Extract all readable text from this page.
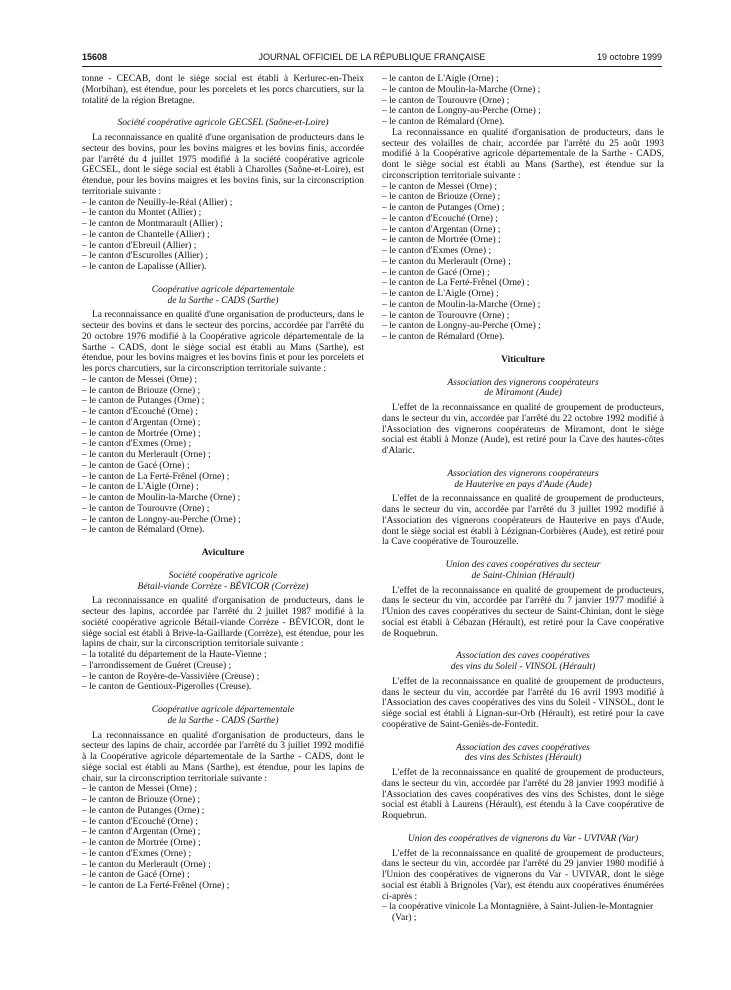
15608	JOURNAL OFFICIEL DE LA RÉPUBLIQUE FRANÇAISE	19 octobre 1999

tonne - CECAB, dont le siège social est établi à Kerlurec-en-Theix (Morbihan), est étendue, pour les porcelets et les porcs charcutiers, sur la totalité de la région Bretagne.

Société coopérative agricole GECSEL (Saône-et-Loire)

La reconnaissance en qualité d'une organisation de producteurs dans le secteur des bovins, pour les bovins maigres et les bovins finis, accordée par l'arrêté du 4 juillet 1975 modifié à la société coopérative agricole GECSEL, dont le siège social est établi à Charolles (Saône-et-Loire), est étendue, pour les bovins maigres et les bovins finis, sur la circonscription territoriale suivante :

– le canton de Neuilly-le-Réal (Allier) ;

– le canton du Montet (Allier) ;

– le canton de Montmarault (Allier) ;

– le canton de Chantelle (Allier) ;

– le canton d'Ebreuil (Allier) ;

– le canton d'Escurolles (Allier) ;

– le canton de Lapalisse (Allier).

Coopérative agricole départementale

de la Sarthe - CADS (Sarthe)

La reconnaissance en qualité d'une organisation de producteurs, dans le secteur des bovins et dans le secteur des porcins, accordée par l'arrêté du 20 octobre 1976 modifié à la Coopérative agricole départementale de la Sarthe - CADS, dont le siège social est établi au Mans (Sarthe), est étendue, pour les bovins maigres et les bovins finis et pour les porcelets et les porcs charcutiers, sur la circonscription territoriale suivante :

– le canton de Messei (Orne) ;

– le canton de Briouze (Orne) ;

– le canton de Putanges (Orne) ;

– le canton d'Ecouché (Orne) ;

– le canton d'Argentan (Orne) ;

– le canton de Mortrée (Orne) ;

– le canton d'Exmes (Orne) ;

– le canton du Merlerault (Orne) ;

– le canton de Gacé (Orne) ;

– le canton de La Ferté-Frênel (Orne) ;

– le canton de L'Aigle (Orne) ;

– le canton de Moulin-la-Marche (Orne) ;

– le canton de Tourouvre (Orne) ;

– le canton de Longny-au-Perche (Orne) ;

– le canton de Rémalard (Orne).

Aviculture

Société coopérative agricole

Bétail-viande Corrèze - BÉVICOR (Corrèze)

La reconnaissance en qualité d'organisation de producteurs, dans le secteur des lapins, accordée par l'arrêté du 2 juillet 1987 modifié à la société coopérative agricole Bétail-viande Corrèze - BÉVICOR, dont le siège social est établi à Brive-la-Gaillarde (Corrèze), est étendue, pour les lapins de chair, sur la circonscription territoriale suivante :

– la totalité du département de la Haute-Vienne ;

– l'arrondissement de Guéret (Creuse) ;

– le canton de Royère-de-Vassivière (Creuse) ;

– le canton de Gentioux-Pigerolles (Creuse).

Coopérative agricole départementale

de la Sarthe - CADS (Sarthe)

La reconnaissance en qualité d'organisation de producteurs, dans le secteur des lapins de chair, accordée par l'arrêté du 3 juillet 1992 modifié à la Coopérative agricole départementale de la Sarthe - CADS, dont le siège social est établi au Mans (Sarthe), est étendue, pour les lapins de chair, sur la circonscription territoriale suivante :

– le canton de Messei (Orne) ;

– le canton de Briouze (Orne) ;

– le canton de Putanges (Orne) ;

– le canton d'Ecouché (Orne) ;

– le canton d'Argentan (Orne) ;

– le canton de Mortrée (Orne) ;

– le canton d'Exmes (Orne) ;

– le canton du Merlerault (Orne) ;

– le canton de Gacé (Orne) ;

– le canton de La Ferté-Frênel (Orne) ;

– le canton de L'Aigle (Orne) ;

– le canton de Moulin-la-Marche (Orne) ;

– le canton de Tourouvre (Orne) ;

– le canton de Longny-au-Perche (Orne) ;

– le canton de Rémalard (Orne).

La reconnaissance en qualité d'organisation de producteurs, dans le secteur des volailles de chair, accordée par l'arrêté du 25 août 1993 modifié à la Coopérative agricole départementale de la Sarthe - CADS, dont le siège social est établi au Mans (Sarthe), est étendue sur la circonscription territoriale suivante :

– le canton de Messei (Orne) ;

– le canton de Briouze (Orne) ;

– le canton de Putanges (Orne) ;

– le canton d'Ecouché (Orne) ;

– le canton d'Argentan (Orne) ;

– le canton de Mortrée (Orne) ;

– le canton d'Exmes (Orne) ;

– le canton du Merlerault (Orne) ;

– le canton de Gacé (Orne) ;

– le canton de La Ferté-Frênel (Orne) ;

– le canton de L'Aigle (Orne) ;

– le canton de Moulin-la-Marche (Orne) ;

– le canton de Tourouvre (Orne) ;

– le canton de Longny-au-Perche (Orne) ;

– le canton de Rémalard (Orne).

Viticulture

Association des vignerons coopérateurs

de Miramont (Aude)

L'effet de la reconnaissance en qualité de groupement de producteurs, dans le secteur du vin, accordée par l'arrêté du 22 octobre 1992 modifié à l'Association des vignerons coopérateurs de Miramont, dont le siège social est établi à Monze (Aude), est retiré pour la Cave des hautes-côtes d'Alaric.

Association des vignerons coopérateurs

de Hauterive en pays d'Aude (Aude)

L'effet de la reconnaissance en qualité de groupement de producteurs, dans le secteur du vin, accordée par l'arrêté du 3 juillet 1992 modifié à l'Association des vignerons coopérateurs de Hauterive en pays d'Aude, dont le siège social est établi à Lézignan-Corbières (Aude), est retiré pour la Cave coopérative de Tourouzelle.

Union des caves coopératives du secteur

de Saint-Chinian (Hérault)

L'effet de la reconnaissance en qualité de groupement de producteurs, dans le secteur du vin, accordée par l'arrêté du 7 janvier 1977 modifié à l'Union des caves coopératives du secteur de Saint-Chinian, dont le siège social est établi à Cébazan (Hérault), est retiré pour la Cave coopérative de Roquebrun.

Association des caves coopératives

des vins du Soleil - VINSOL (Hérault)

L'effet de la reconnaissance en qualité de groupement de producteurs, dans le secteur du vin, accordée par l'arrêté du 16 avril 1993 modifié à l'Association des caves coopératives des vins du Soleil - VINSOL, dont le siège social est établi à Lignan-sur-Orb (Hérault), est retiré pour la cave coopérative de Saint-Geniès-de-Fontedit.

Association des caves coopératives

des vins des Schistes (Hérault)

L'effet de la reconnaissance en qualité de groupement de producteurs, dans le secteur du vin, accordée par l'arrêté du 28 janvier 1993 modifié à l'Association des caves coopératives des vins des Schistes, dont le siège social est établi à Laurens (Hérault), est étendu à la Cave coopérative de Roquebrun.

Union des coopératives de vignerons du Var - UVIVAR (Var)

L'effet de la reconnaissance en qualité de groupement de producteurs, dans le secteur du vin, accordée par l'arrêté du 29 janvier 1980 modifié à l'Union des coopératives de vignerons du Var - UVIVAR, dont le siège social est établi à Brignoles (Var), est étendu aux coopératives énumérées ci-après :

– la coopérative vinicole La Montagnière, à Saint-Julien-le-Montagnier (Var) ;
